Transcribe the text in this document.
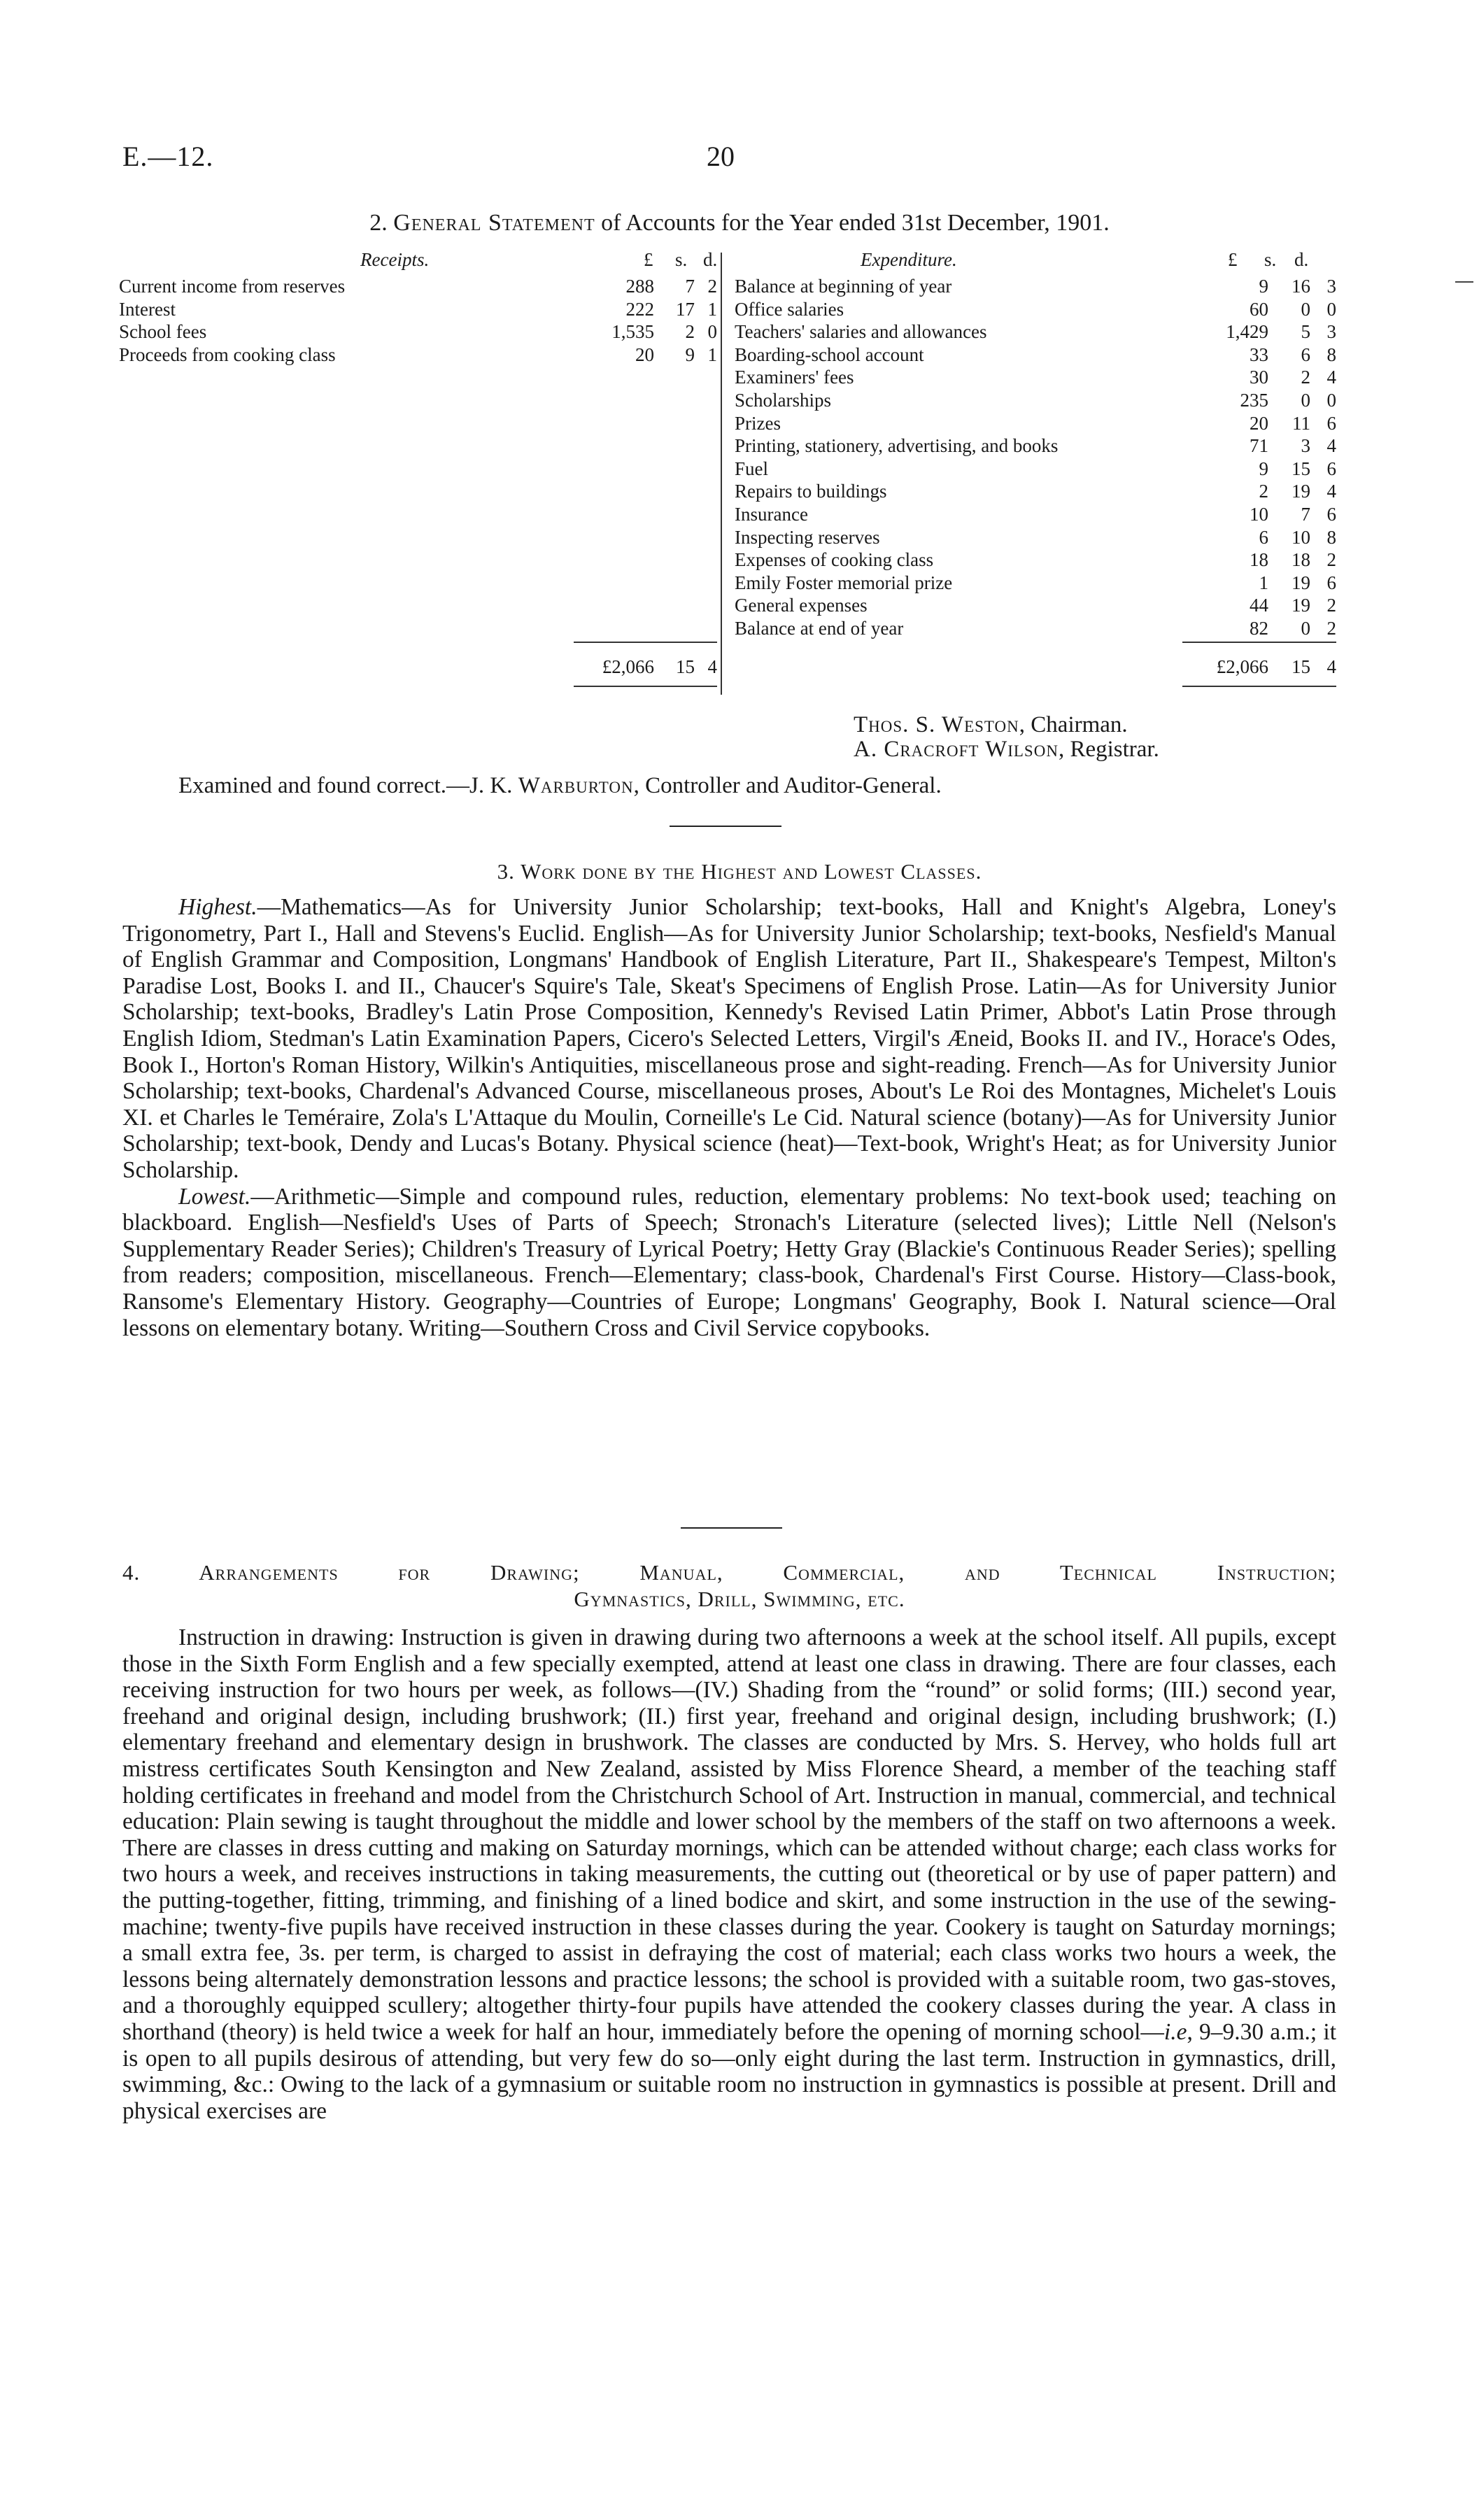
E.—12.	20
2. General Statement of Accounts for the Year ended 31st December, 1901.
Receipts.	£ s. d.	Expenditure.	£ s. d.
Current income from reserves	288 7 2
Interest	222 17 1
School fees	1,535 2 0
Proceeds from cooking class	20 9 1
Balance at beginning of year	9 16 3
Office salaries	60 0 0
Teachers' salaries and allowances	1,429 5 3
Boarding-school account	33 6 8
Examiners' fees	30 2 4
Scholarships	235 0 0
Prizes	20 11 6
Printing, stationery, advertising, and books	71 3 4
Fuel	9 15 6
Repairs to buildings	2 19 4
Insurance	10 7 6
Inspecting reserves	6 10 8
Expenses of cooking class	18 18 2
Emily Foster memorial prize	1 19 6
General expenses	44 19 2
Balance at end of year	82 0 2
£2,066 15 4	£2,066 15 4
Thos. S. Weston, Chairman.
A. Cracroft Wilson, Registrar.
Examined and found correct.—J. K. Warburton, Controller and Auditor-General.
3. Work done by the Highest and Lowest Classes.

Highest.—Mathematics—As for University Junior Scholarship; text-books, Hall and Knight's Algebra, Loney's Trigonometry, Part I., Hall and Stevens's Euclid. English—As for University Junior Scholarship; text-books, Nesfield's Manual of English Grammar and Composition, Longmans' Handbook of English Literature, Part II., Shakespeare's Tempest, Milton's Paradise Lost, Books I. and II., Chaucer's Squire's Tale, Skeat's Specimens of English Prose. Latin—As for University Junior Scholarship; text-books, Bradley's Latin Prose Composition, Kennedy's Revised Latin Primer, Abbot's Latin Prose through English Idiom, Stedman's Latin Examination Papers, Cicero's Selected Letters, Virgil's Æneid, Books II. and IV., Horace's Odes, Book I., Horton's Roman History, Wilkin's Antiquities, miscellaneous prose and sight-reading. French—As for University Junior Scholarship; text-books, Chardenal's Advanced Course, miscellaneous proses, About's Le Roi des Montagnes, Michelet's Louis XI. et Charles le Teméraire, Zola's L'Attaque du Moulin, Corneille's Le Cid. Natural science (botany)—As for University Junior Scholarship; text-book, Dendy and Lucas's Botany. Physical science (heat)—Text-book, Wright's Heat; as for University Junior Scholarship.

Lowest.—Arithmetic—Simple and compound rules, reduction, elementary problems: No text-book used; teaching on blackboard. English—Nesfield's Uses of Parts of Speech; Stronach's Literature (selected lives); Little Nell (Nelson's Supplementary Reader Series); Children's Treasury of Lyrical Poetry; Hetty Gray (Blackie's Continuous Reader Series); spelling from readers; composition, miscellaneous. French—Elementary; class-book, Chardenal's First Course. History—Class-book, Ransome's Elementary History. Geography—Countries of Europe; Longmans' Geography, Book I. Natural science—Oral lessons on elementary botany. Writing—Southern Cross and Civil Service copybooks.

4. Arrangements for Drawing; Manual, Commercial, and Technical Instruction;
Gymnastics, Drill, Swimming, etc.

Instruction in drawing: Instruction is given in drawing during two afternoons a week at the school itself. All pupils, except those in the Sixth Form English and a few specially exempted, attend at least one class in drawing. There are four classes, each receiving instruction for two hours per week, as follows—(IV.) Shading from the “round” or solid forms; (III.) second year, freehand and original design, including brushwork; (II.) first year, freehand and original design, including brushwork; (I.) elementary freehand and elementary design in brushwork. The classes are conducted by Mrs. S. Hervey, who holds full art mistress certificates South Kensington and New Zealand, assisted by Miss Florence Sheard, a member of the teaching staff holding certificates in freehand and model from the Christchurch School of Art. Instruction in manual, commercial, and technical education: Plain sewing is taught throughout the middle and lower school by the members of the staff on two afternoons a week. There are classes in dress cutting and making on Saturday mornings, which can be attended without charge; each class works for two hours a week, and receives instructions in taking measurements, the cutting out (theoretical or by use of paper pattern) and the putting-together, fitting, trimming, and finishing of a lined bodice and skirt, and some instruction in the use of the sewing-machine; twenty-five pupils have received instruction in these classes during the year. Cookery is taught on Saturday mornings; a small extra fee, 3s. per term, is charged to assist in defraying the cost of material; each class works two hours a week, the lessons being alternately demonstration lessons and practice lessons; the school is provided with a suitable room, two gas-stoves, and a thoroughly equipped scullery; altogether thirty-four pupils have attended the cookery classes during the year. A class in shorthand (theory) is held twice a week for half an hour, immediately before the opening of morning school—i.e, 9–9.30 a.m.; it is open to all pupils desirous of attending, but very few do so—only eight during the last term. Instruction in gymnastics, drill, swimming, &c.: Owing to the lack of a gymnasium or suitable room no instruction in gymnastics is possible at present. Drill and physical exercises are
